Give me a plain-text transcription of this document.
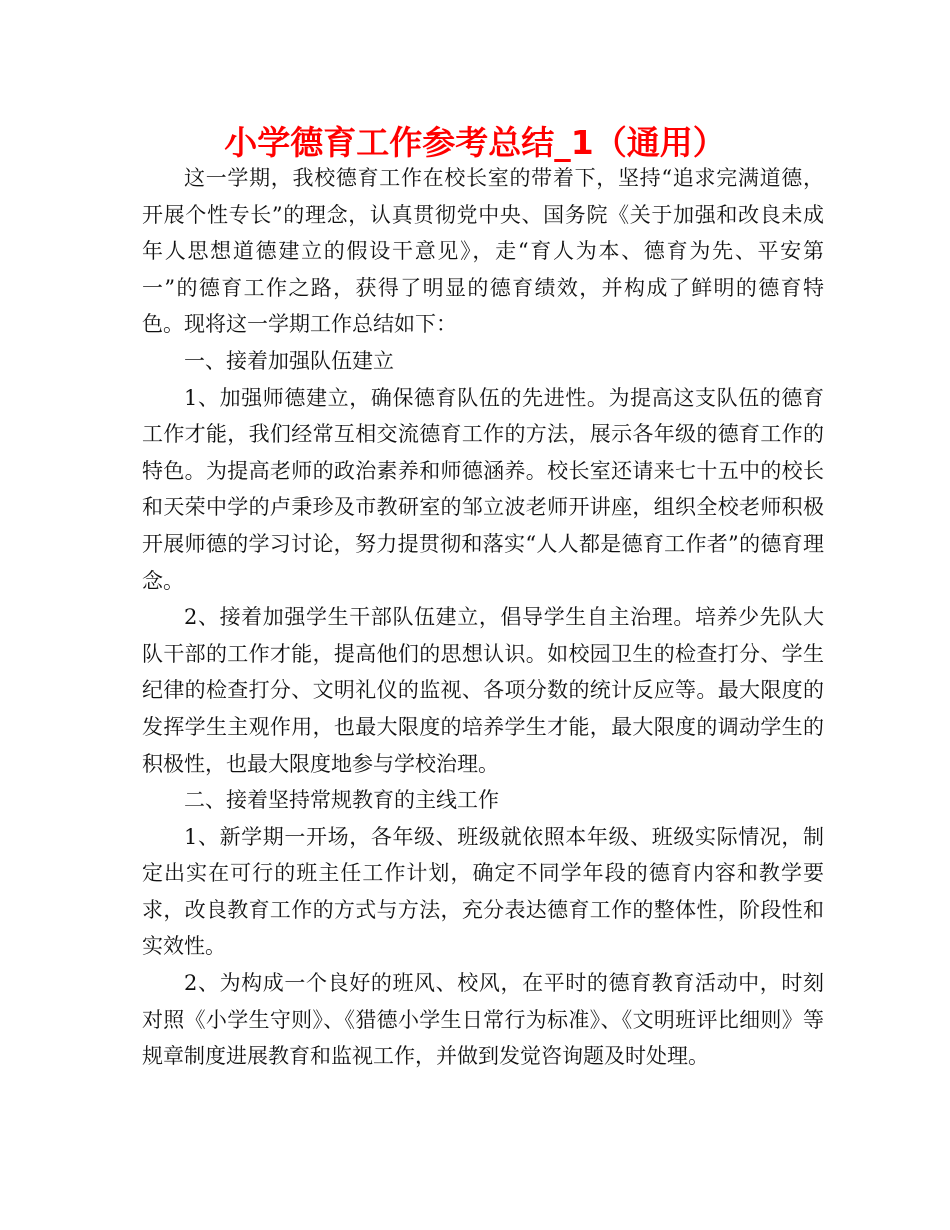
小学德育工作参考总结_1（通用）

这一学期，我校德育工作在校长室的带着下，坚持“追求完满道德，开展个性专长”的理念，认真贯彻党中央、国务院《关于加强和改良未成年人思想道德建立的假设干意见》，走“育人为本、德育为先、平安第一”的德育工作之路，获得了明显的德育绩效，并构成了鲜明的德育特色。现将这一学期工作总结如下：

一、接着加强队伍建立

1、加强师德建立，确保德育队伍的先进性。为提高这支队伍的德育工作才能，我们经常互相交流德育工作的方法，展示各年级的德育工作的特色。为提高老师的政治素养和师德涵养。校长室还请来七十五中的校长和天荣中学的卢秉珍及市教研室的邹立波老师开讲座，组织全校老师积极开展师德的学习讨论，努力提贯彻和落实“人人都是德育工作者”的德育理念。

2、接着加强学生干部队伍建立，倡导学生自主治理。培养少先队大队干部的工作才能，提高他们的思想认识。如校园卫生的检查打分、学生纪律的检查打分、文明礼仪的监视、各项分数的统计反应等。最大限度的发挥学生主观作用，也最大限度的培养学生才能，最大限度的调动学生的积极性，也最大限度地参与学校治理。

二、接着坚持常规教育的主线工作

1、新学期一开场，各年级、班级就依照本年级、班级实际情况，制定出实在可行的班主任工作计划，确定不同学年段的德育内容和教学要求，改良教育工作的方式与方法，充分表达德育工作的整体性，阶段性和实效性。

2、为构成一个良好的班风、校风，在平时的德育教育活动中，时刻对照《小学生守则》、《猎德小学生日常行为标准》、《文明班评比细则》等规章制度进展教育和监视工作，并做到发觉咨询题及时处理。
